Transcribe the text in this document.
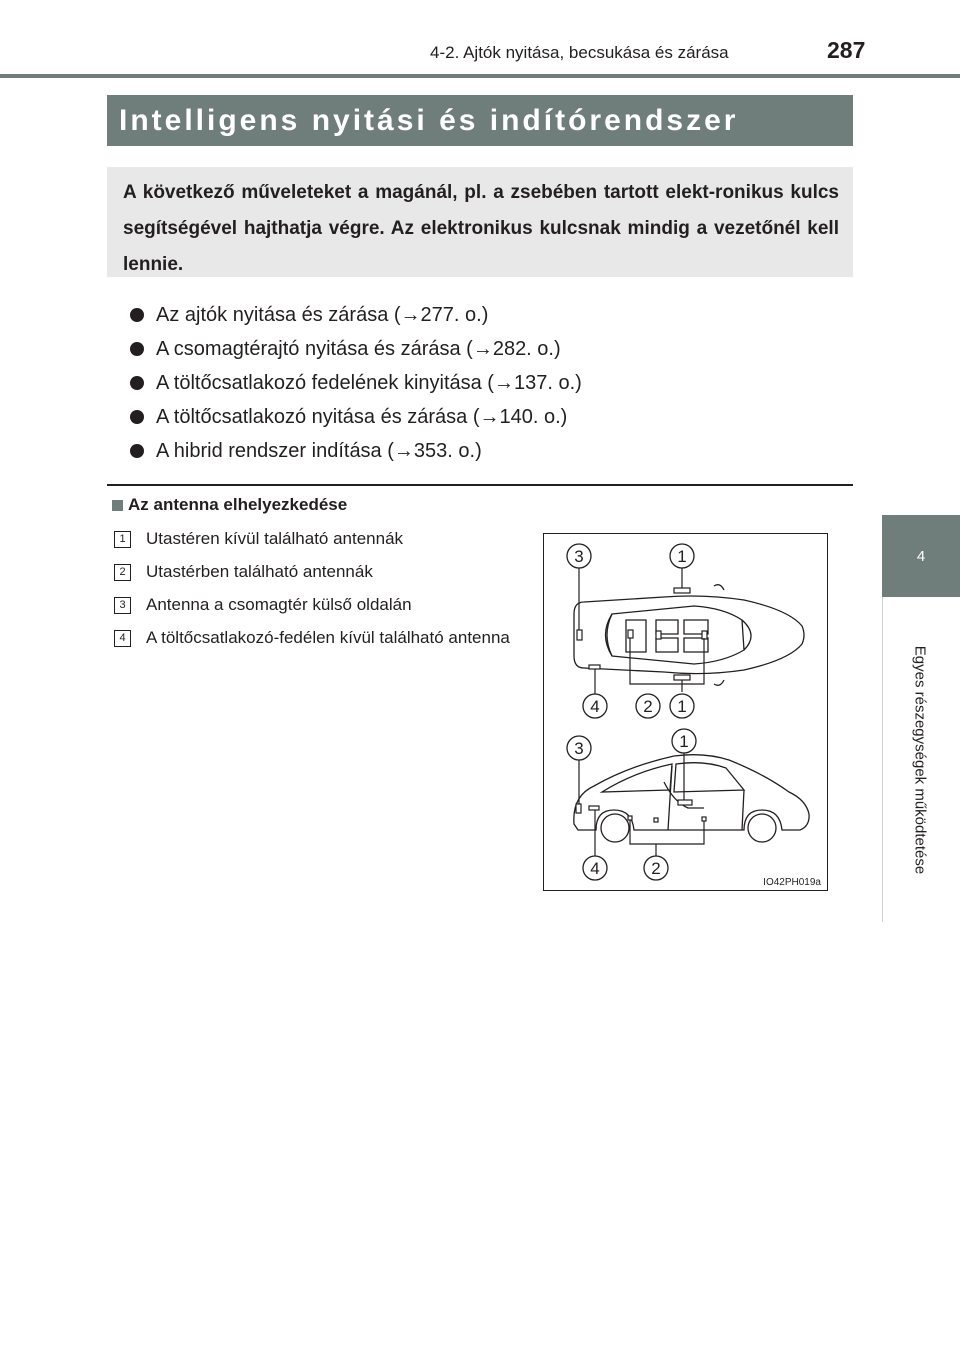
4-2. Ajtók nyitása, becsukása és zárása	287
4
Egyes részegységek működtetése
Intelligens nyitási és indítórendszer
A következő műveleteket a magánál, pl. a zsebében tartott elekt-ronikus kulcs segítségével hajthatja végre. Az elektronikus kulcsnak mindig a vezetőnél kell lennie.
Az ajtók nyitása és zárása (→277. o.)
A csomagtérajtó nyitása és zárása (→282. o.)
A töltőcsatlakozó fedelének kinyitása (→137. o.)
A töltőcsatlakozó nyitása és zárása (→140. o.)
A hibrid rendszer indítása (→353. o.)
Az antenna elhelyezkedése
1	Utastéren kívül található antennák
2	Utastérben található antennák
3	Antenna a csomagtér külső oldalán
4	A töltőcsatlakozó-fedélen kívül található antenna
3	1
4	2 1
3	1
4	2
IO42PH019a
